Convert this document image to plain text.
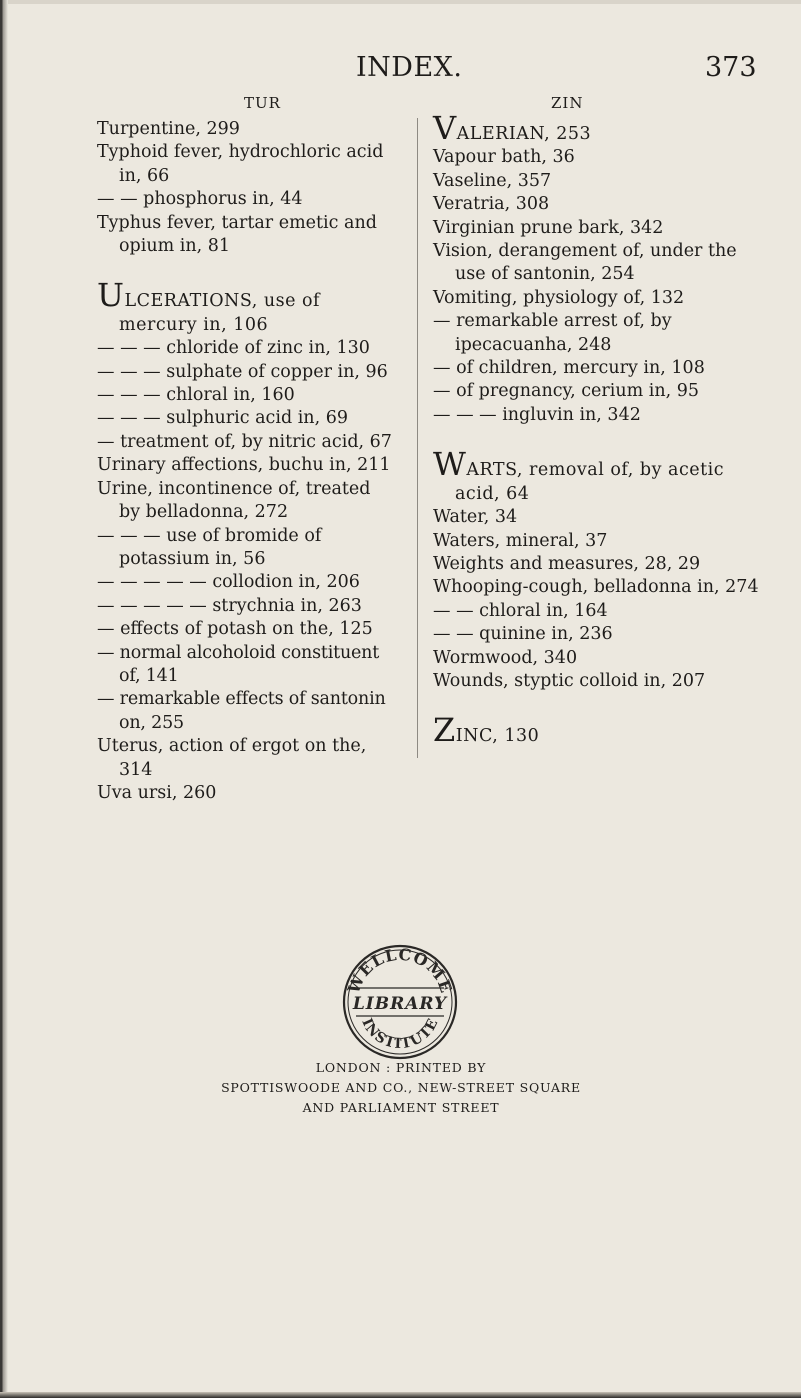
INDEX.	373
TUR	ZIN
Turpentine, 299
Typhoid fever, hydrochloric acid in, 66
— — phosphorus in, 44
Typhus fever, tartar emetic and opium in, 81
ULCERATIONS, use of mercury in, 106
— — — chloride of zinc in, 130
— — — sulphate of copper in, 96
— — — chloral in, 160
— — — sulphuric acid in, 69
— treatment of, by nitric acid, 67
Urinary affections, buchu in, 211
Urine, incontinence of, treated by belladonna, 272
— — — use of bromide of potassium in, 56
— — — — — collodion in, 206
— — — — — strychnia in, 263
— effects of potash on the, 125
— normal alcoholoid constituent of, 141
— remarkable effects of santonin on, 255
Uterus, action of ergot on the, 314
Uva ursi, 260
VALERIAN, 253
Vapour bath, 36
Vaseline, 357
Veratria, 308
Virginian prune bark, 342
Vision, derangement of, under the use of santonin, 254
Vomiting, physiology of, 132
— remarkable arrest of, by ipecacuanha, 248
— of children, mercury in, 108
— of pregnancy, cerium in, 95
— — — ingluvin in, 342
WARTS, removal of, by acetic acid, 64
Water, 34
Waters, mineral, 37
Weights and measures, 28, 29
Whooping-cough, belladonna in, 274
— — chloral in, 164
— — quinine in, 236
Wormwood, 340
Wounds, styptic colloid in, 207
ZINC, 130
WELLCOME
LIBRARY
INSTITUTE
LONDON : PRINTED BY
SPOTTISWOODE AND CO., NEW-STREET SQUARE
AND PARLIAMENT STREET
